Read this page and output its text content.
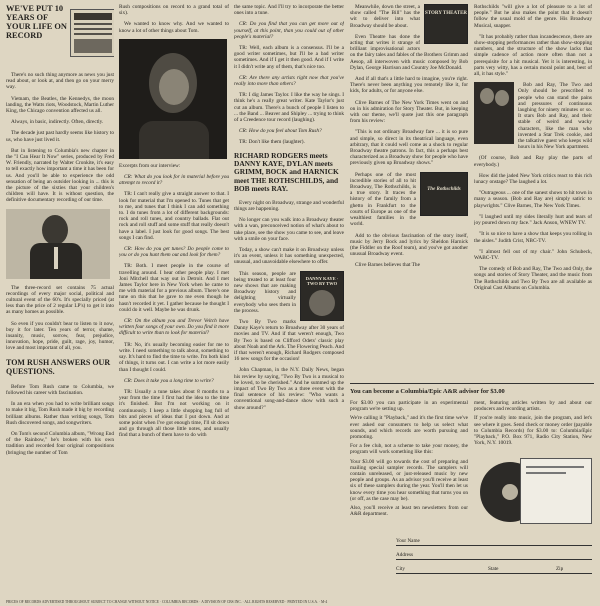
WE'VE PUT 10 YEARS OF YOUR LIFE ON RECORD

There's no such thing anymore as news you just read about, or look at, and then go on your merry way.

Vietnam, the Beatles, the Kennedys, the moon landing, the Watts riots, Woodstock, Martin Luther King, the Chicago convention affected us all.

Always, in basic, indirectly. Often, directly.

The decade just past hardly seems like history to us, who have just lived it.

But in listening to Columbia's new chapter in the "I Can Hear It Now" series, produced by Fred W. Friendly, narrated by Walter Cronkite, it's easy to tell exactly how important a time it has been for us. And you'll be able to experience the odd sensation of being an outsider looking in ... this is the picture of the sixties that your children's children will have. It is without question, the definitive documentary recording of our time.

The three-record set contains 75 actual recordings of every major social, political and cultural event of the 60's. It's specially priced (at less than the price of 2 regular LP's) to get it into as many homes as possible.

So even if you couldn't bear to listen to it now, buy it for later. Ten years of terror, shame, insanity, music, sorrow, fear, prejudice, innovation, hope, pride, guilt, rage, joy, humor, love and most important of all, you.

TOM RUSH ANSWERS OUR QUESTIONS.

Before Tom Rush came to Columbia, we followed his career with fascination.

In an era when you had to write brilliant songs to make it big, Tom Rush made it big by recording brilliant albums. Rather than writing songs, Tom Rush discovered songs, and songwriters.

On Tom's second Columbia album, "Wrong End of the Rainbow," he's broken with his own tradition and recorded four original compositions (bringing the number of Tom

Rush compositions on record to a grand total of six).

We wanted to know why. And we wanted to know a lot of other things about Tom.

Excerpts from our interview:

CR: What do you look for in material before you attempt to record it?

TR: I can't really give a straight answer to that. I look for material that I'm opened to. Tunes that get to me, and tunes that I think I can add something to. I do tunes from a lot of different backgrounds: rock and roll tunes, and country ballads. Flat out rock and roll stuff and some stuff that really doesn't have a label. I just look for good songs. The best songs I can find.

CR: How do you get tunes? Do people come to you or do you hunt them out and look for them?

TR: Both. I meet people in the course of travelling around. I hear other people play. I met Joni Mitchell that way out in Detroit. And I met James Taylor here in New York when he came to me with material for a previous album. There's one tune on this that he gave to me even though he hasn't recorded it yet. I gather because he thought I could do it well. Maybe he was drunk.

CR: On the album you and Trevor Veitch have written four songs of your own. Do you find it more difficult to write than to look for material?

TR: No, it's usually becoming easier for me to write. I need something to talk about, something to say. It's hard to find the time to write. I'm both kind of things, it turns out. I can write a lot more easily than I thought I could.

CR: Does it take you a long time to write?

TR: Usually a tune takes about 8 months to a year from the time I first had the idea to the time it's finished. But I'm not working on it continuously. I keep a little shopping bag full of bits and pieces of ideas that I put down. And at some point when I've got enough time, I'll sit down and go through all those little notes, and usually find that a bunch of them have to do with

the same topic. And I'll try to incorporate the better ones into a tune.

CR: Do you find that you can get more out of yourself, at this point, than you could out of other people's material?

TR: Well, each album is a consensus. I'll be a good writer sometimes, but I'll be a bad writer sometimes. And if I get it then good. And if I write it I didn't write any of them, that's nice too.

CR: Are there any artists right now that you've really into more than others?

TR: I dig James Taylor. I like the way he sings. I think he's a really great writer. Kate Taylor's just cut an album. There's a bunch of people I listen to ... the Band ... Beaver and Shipley ... trying to think of a Creedence tour record (laughing).

CR: How do you feel about Tom Rush?

TR: Don't like them (laughter).

RICHARD RODGERS meets DANNY KAYE, DYLAN meets GRIMM, BOCK and HARNICK meet THE ROTHSCHILDS, and BOB meets RAY.

Every night on Broadway, strange and wonderful things are happening.

No longer can you walk into a Broadway theater with a wan, preconceived notion of what's about to take place, see the show you came to see, and leave with a smile on your face.

Today, a show can't make it on Broadway unless it's an event, unless it has something unexpected, unusual, and unavoidable elsewhere to offer.

DANNY KAYE · TWO BY TWO

This season, people are being treated to at least four new shows that are making Broadway history and delighting virtually everybody who sees them in the process.

Two By Two marks Danny Kaye's return to Broadway after 30 years of movies and TV. And if that weren't enough, Two By Two is based on Clifford Odets' classic play about Noah and the Ark. The Flowering Peach. And if that weren't enough, Richard Rodgers composed 16 new songs for the occasion!

John Chapman, in the N.Y. Daily News, began his review by saying, "Two By Two is a musical to be loved, to be cherished." And he summed up the impact of Two By Two as a three event with the final sentence of his review: "Who wants a conventional song-and-dance show with such a show around?"

STORY THEATER

Meanwhile, down the street, a show called "The Bill" has the wit to deliver into what Broadway should be about.

Even Theatre has done the acting that writes it strange of brilliant improvisational actors on the fairy tales and fables of the Brothers Grimm and Aesop, all interwoven with music composed by Bob Dylan, George Harrison and Country Joe McDonald.

And if all that's a little hard to imagine, you're right. There's never been anything you remotely like it, for kids, for adults, or for anyone else.

Clive Barnes of The New York Times went on and on in his admiration for Story Theater. But, in keeping with our theme, we'll quote just this one paragraph from his review:

"This is not ordinary Broadway fare ... it is so pure and simple, so direct in its theatrical language, even arbitrary, that it could well come as a shock to regular Broadway theatre patrons. In fact, this a perhaps best characterized as a Broadway show for people who have previously given up Broadway shows."

The Rothschilds

Perhaps one of the most incredible stories of all to hit Broadway, The Rothschilds, is a true story. It traces the history of the family from a ghetto in Frankfurt to the courts of Europe as one of the wealthiest families in the world.

Add to the obvious fascination of the story itself, music by Jerry Bock and lyrics by Sheldon Harnick (the Fiddler on the Roof team), and you've got another unusual Broadway event.

Clive Barnes believes that The

Rothschilds "will give a lot of pleasure to a lot of people." But he also makes the point that it doesn't follow the usual mold of the genre. His Broadway Musical, snapper.

"It has probably rather than incandescence, there are show-stopping performances rather than show-stopping numbers, and the structure of the show lacks that simple cadence of action more often than not a prerequisite for a hit musical. Yet it is interesting, in parts very witty, has a certain moral point and, best of all, it has style."

Bob and Ray, The Two and Only should be prescribed to people who can stand the pains and pressures of continuous laughing for ninety minutes or so. It stars Bob and Ray, and their stable of weird and wacky characters, like the man who invented a Star Trek cookie, and the talkative guest who keeps wild hours in his New York apartment.

(Of course, Bob and Ray play the parts of everybody.)

How did the jaded New York critics react to this rich lunacy onstage? The laughed a lot.

"Outrageous ... one of the sanest shows to hit town in many a season. (Bob and Ray are) simply satiric to playwrights." Clive Barnes, The New York Times.

"I laughed until my sides literally hurt and tears of joy poured down my face." Jack Anson, WNEW TV.

"It is so nice to have a show that keeps you rolling in the aisles." Judith Crist, NBC-TV.

"I almost fell out of my chair." John Schubeck, WABC-TV.

The comedy of Bob and Ray, The Two and Only, the songs and stories of Story Theater, and the music from The Rothschilds and Two By Two are all available as Original Cast Albums on Columbia.

You can become a Columbia/Epic A&R advisor for $3.00

For $3.00 you can participate in an experimental program we're setting up.

We're calling it "Playback," and it's the first time we've ever asked our consumers to help us select what sounds, and which records are worth pursuing and promoting.

For a fee club, not a scheme to take your money, the program will work something like this:

Your $3.00 will go towards the cost of preparing and mailing special sampler records. The samplers will contain unreleased, or just-released music by new people and groups. As an advisor you'll receive at least six of these samplers during the year. You'll then let us know every time you hear something that turns you on (or off, as the case may be).

Also, you'll receive at least ten newsletters from our A&R department.

ment, featuring articles written by and about our producers and recording artists.

If you're really into music, join the program, and let's see where it goes. Send check or money order (payable to Columbia Records) for $3.00 to: Columbia/Epic "Playback," P.O. Box 971, Radio City Station, New York, N.Y. 10019.

Your Name
Address
City	State	Zip
PRICES OF RECORDS ADVERTISED THROUGHOUT SUBJECT TO CHANGE WITHOUT NOTICE · COLUMBIA RECORDS · A DIVISION OF CBS INC. · ALL RIGHTS RESERVED · PRINTED IN U.S.A. · M-4
